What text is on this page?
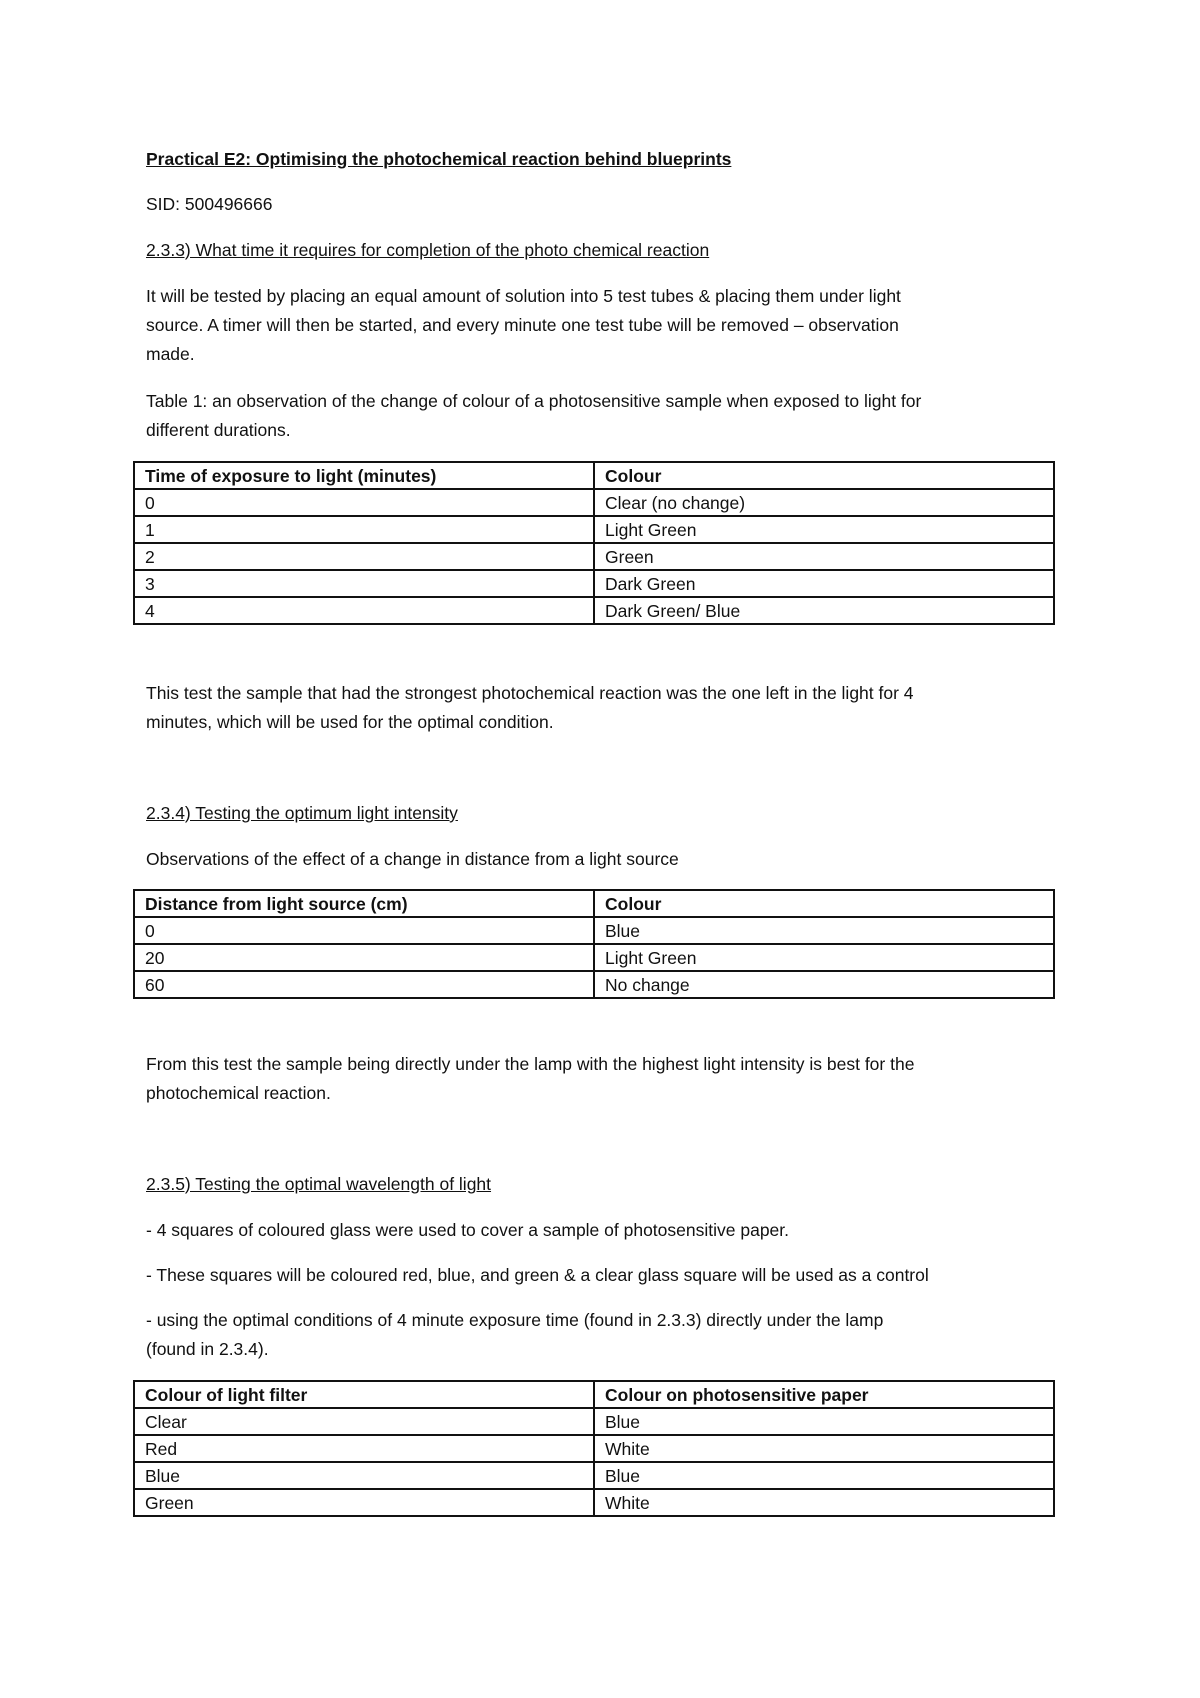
Practical E2: Optimising the photochemical reaction behind blueprints

SID: 500496666

2.3.3) What time it requires for completion of the photo chemical reaction

It will be tested by placing an equal amount of solution into 5 test tubes & placing them under light
source. A timer will then be started, and every minute one test tube will be removed – observation
made.

Table 1: an observation of the change of colour of a photosensitive sample when exposed to light for
different durations.

Time of exposure to light (minutes)	Colour
0	Clear (no change)
1	Light Green
2	Green
3	Dark Green
4	Dark Green/ Blue

This test the sample that had the strongest photochemical reaction was the one left in the light for 4
minutes, which will be used for the optimal condition.

2.3.4) Testing the optimum light intensity

Observations of the effect of a change in distance from a light source

Distance from light source (cm)	Colour
0	Blue
20	Light Green
60	No change

From this test the sample being directly under the lamp with the highest light intensity is best for the
photochemical reaction.

2.3.5) Testing the optimal wavelength of light

- 4 squares of coloured glass were used to cover a sample of photosensitive paper.

- These squares will be coloured red, blue, and green & a clear glass square will be used as a control

- using the optimal conditions of 4 minute exposure time (found in 2.3.3) directly under the lamp
(found in 2.3.4).

Colour of light filter	Colour on photosensitive paper
Clear	Blue
Red	White
Blue	Blue
Green	White
